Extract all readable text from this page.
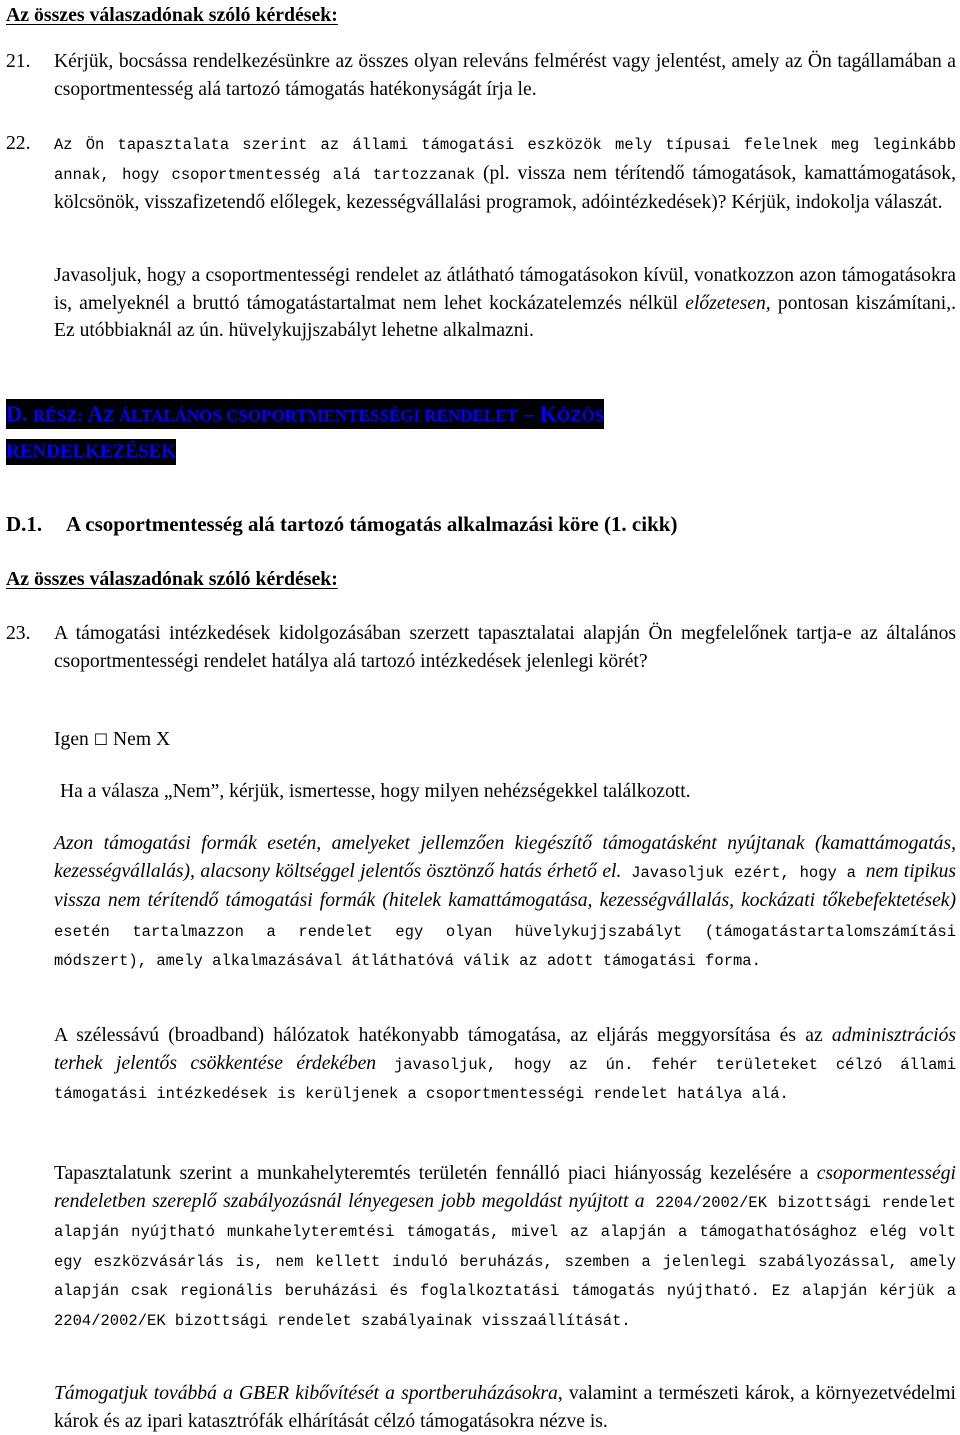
Az összes válaszadónak szóló kérdések:
21.	Kérjük, bocsássa rendelkezésünkre az összes olyan releváns felmérést vagy jelentést, amely az Ön tagállamában a csoportmentesség alá tartozó támogatás hatékonyságát írja le.
22.	Az Ön tapasztalata szerint az állami támogatási eszközök mely típusai felelnek meg leginkább annak, hogy csoportmentesség alá tartozzanak (pl. vissza nem térítendő támogatások, kamattámogatások, kölcsönök, visszafizetendő előlegek, kezességvállalási programok, adóintézkedések)? Kérjük, indokolja válaszát.
Javasoljuk, hogy a csoportmentességi rendelet az átlátható támogatásokon kívül, vonatkozzon azon támogatásokra is, amelyeknél a bruttó támogatástartalmat nem lehet kockázatelemzés nélkül előzetesen, pontosan kiszámítani,. Ez utóbbiaknál az ún. hüvelykujjszabályt lehetne alkalmazni.
D. RÉSZ: AZ ÁLTALÁNOS CSOPORTMENTESSÉGI RENDELET – KÖZÖS
RENDELKEZÉSEK
D.1. A csoportmentesség alá tartozó támogatás alkalmazási köre (1. cikk)
Az összes válaszadónak szóló kérdések:
23.	A támogatási intézkedések kidolgozásában szerzett tapasztalatai alapján Ön megfelelőnek tartja-e az általános csoportmentességi rendelet hatálya alá tartozó intézkedések jelenlegi körét?
Igen ☐ Nem X
Ha a válasza „Nem”, kérjük, ismertesse, hogy milyen nehézségekkel találkozott.
Azon támogatási formák esetén, amelyeket jellemzően kiegészítő támogatásként nyújtanak (kamattámogatás, kezességvállalás), alacsony költséggel jelentős ösztönző hatás érhető el. Javasoljuk ezért, hogy a nem tipikus vissza nem térítendő támogatási formák (hitelek kamattámogatása, kezességvállalás, kockázati tőkebefektetések) esetén tartalmazzon a rendelet egy olyan hüvelykujjszabályt (támogatástartalomszámítási módszert), amely alkalmazásával átláthatóvá válik az adott támogatási forma.
A szélessávú (broadband) hálózatok hatékonyabb támogatása, az eljárás meggyorsítása és az adminisztrációs terhek jelentős csökkentése érdekében javasoljuk, hogy az ún. fehér területeket célzó állami támogatási intézkedések is kerüljenek a csoportmentességi rendelet hatálya alá.
Tapasztalatunk szerint a munkahelyteremtés területén fennálló piaci hiányosság kezelésére a csopormentességi rendeletben szereplő szabályozásnál lényegesen jobb megoldást nyújtott a 2204/2002/EK bizottsági rendelet alapján nyújtható munkahelyteremtési támogatás, mivel az alapján a támogathatósághoz elég volt egy eszközvásárlás is, nem kellett induló beruházás, szemben a jelenlegi szabályozással, amely alapján csak regionális beruházási és foglalkoztatási támogatás nyújtható. Ez alapján kérjük a 2204/2002/EK bizottsági rendelet szabályainak visszaállítását.
Támogatjuk továbbá a GBER kibővítését a sportberuházásokra, valamint a természeti károk, a környezetvédelmi károk és az ipari katasztrófák elhárítását célzó támogatásokra nézve is.
